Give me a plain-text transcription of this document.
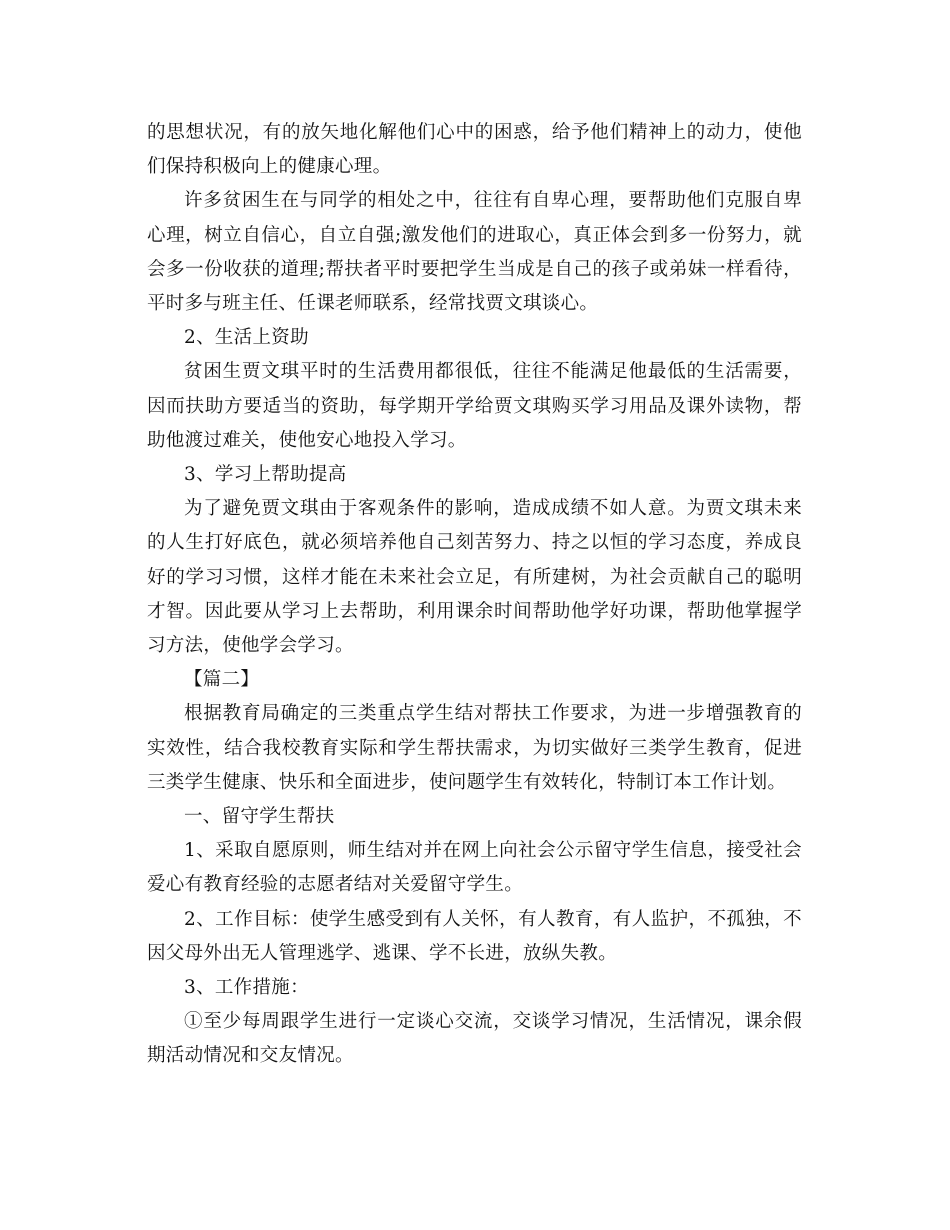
的思想状况，有的放矢地化解他们心中的困惑，给予他们精神上的动力，使他们保持积极向上的健康心理。

许多贫困生在与同学的相处之中，往往有自卑心理，要帮助他们克服自卑心理，树立自信心，自立自强;激发他们的进取心，真正体会到多一份努力，就会多一份收获的道理;帮扶者平时要把学生当成是自己的孩子或弟妹一样看待，平时多与班主任、任课老师联系，经常找贾文琪谈心。

2、生活上资助

贫困生贾文琪平时的生活费用都很低，往往不能满足他最低的生活需要，因而扶助方要适当的资助，每学期开学给贾文琪购买学习用品及课外读物，帮助他渡过难关，使他安心地投入学习。

3、学习上帮助提高

为了避免贾文琪由于客观条件的影响，造成成绩不如人意。为贾文琪未来的人生打好底色，就必须培养他自己刻苦努力、持之以恒的学习态度，养成良好的学习习惯，这样才能在未来社会立足，有所建树，为社会贡献自己的聪明才智。因此要从学习上去帮助，利用课余时间帮助他学好功课，帮助他掌握学习方法，使他学会学习。

【篇二】

根据教育局确定的三类重点学生结对帮扶工作要求，为进一步增强教育的实效性，结合我校教育实际和学生帮扶需求，为切实做好三类学生教育，促进三类学生健康、快乐和全面进步，使问题学生有效转化，特制订本工作计划。

一、留守学生帮扶

1、采取自愿原则，师生结对并在网上向社会公示留守学生信息，接受社会爱心有教育经验的志愿者结对关爱留守学生。

2、工作目标：使学生感受到有人关怀，有人教育，有人监护，不孤独，不因父母外出无人管理逃学、逃课、学不长进，放纵失教。

3、工作措施：

①至少每周跟学生进行一定谈心交流，交谈学习情况，生活情况，课余假期活动情况和交友情况。
